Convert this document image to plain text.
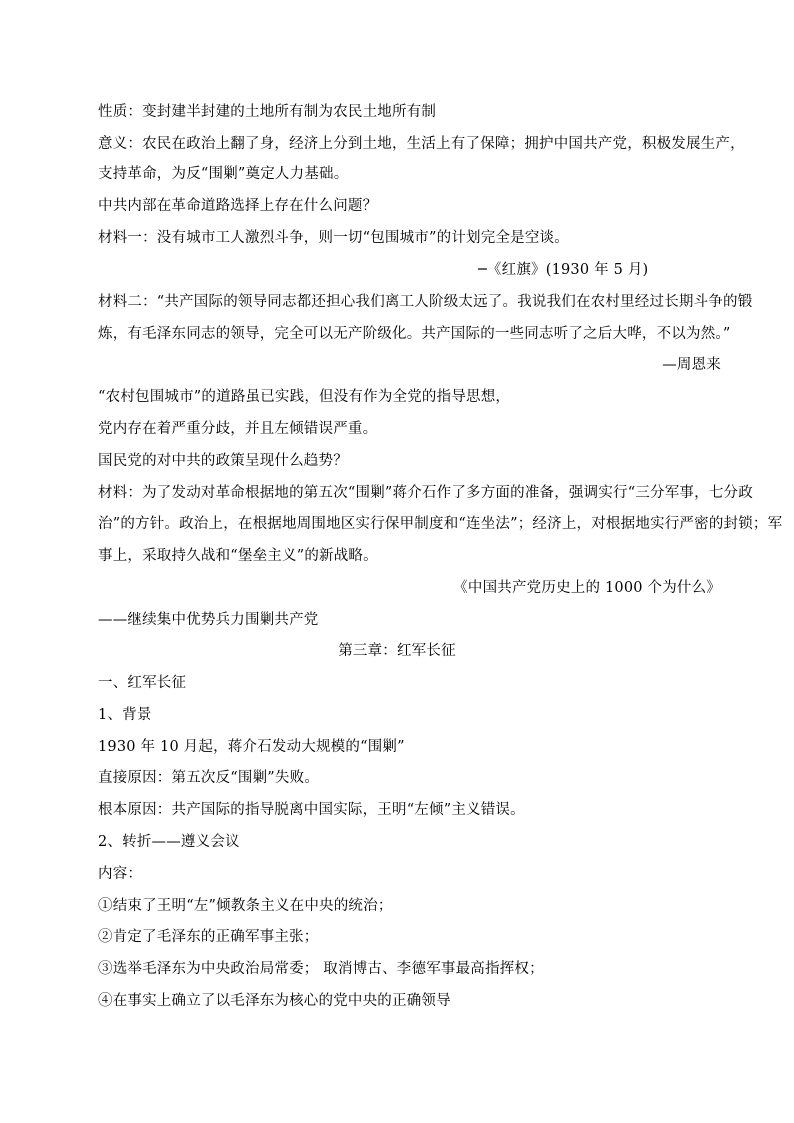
性质：变封建半封建的土地所有制为农民土地所有制
意义：农民在政治上翻了身，经济上分到土地，生活上有了保障；拥护中国共产党，积极发展生产，
支持革命，为反“围剿”奠定人力基础。
中共内部在革命道路选择上存在什么问题？
材料一：没有城市工人激烈斗争，则一切“包围城市”的计划完全是空谈。
─《红旗》(1930 年 5 月)
材料二：“共产国际的领导同志都还担心我们离工人阶级太远了。我说我们在农村里经过长期斗争的锻
炼，有毛泽东同志的领导，完全可以无产阶级化。共产国际的一些同志听了之后大哗，不以为然。”
—周恩来
“农村包围城市”的道路虽已实践，但没有作为全党的指导思想，
党内存在着严重分歧，并且左倾错误严重。
国民党的对中共的政策呈现什么趋势？
材料：为了发动对革命根据地的第五次“围剿”蒋介石作了多方面的准备，强调实行“三分军事，七分政
治”的方针。政治上，在根据地周围地区实行保甲制度和“连坐法”；经济上，对根据地实行严密的封锁；军
事上，采取持久战和“堡垒主义”的新战略。
《中国共产党历史上的 1000 个为什么》
——继续集中优势兵力围剿共产党
第三章：红军长征
一、红军长征
1、背景
1930 年 10 月起，蒋介石发动大规模的“围剿”
直接原因：第五次反“围剿”失败。
根本原因：共产国际的指导脱离中国实际，王明“左倾”主义错误。
2、转折——遵义会议
内容：
①结束了王明“左”倾教条主义在中央的统治；
②肯定了毛泽东的正确军事主张；
③选举毛泽东为中央政治局常委； 取消博古、李德军事最高指挥权；
④在事实上确立了以毛泽东为核心的党中央的正确领导
